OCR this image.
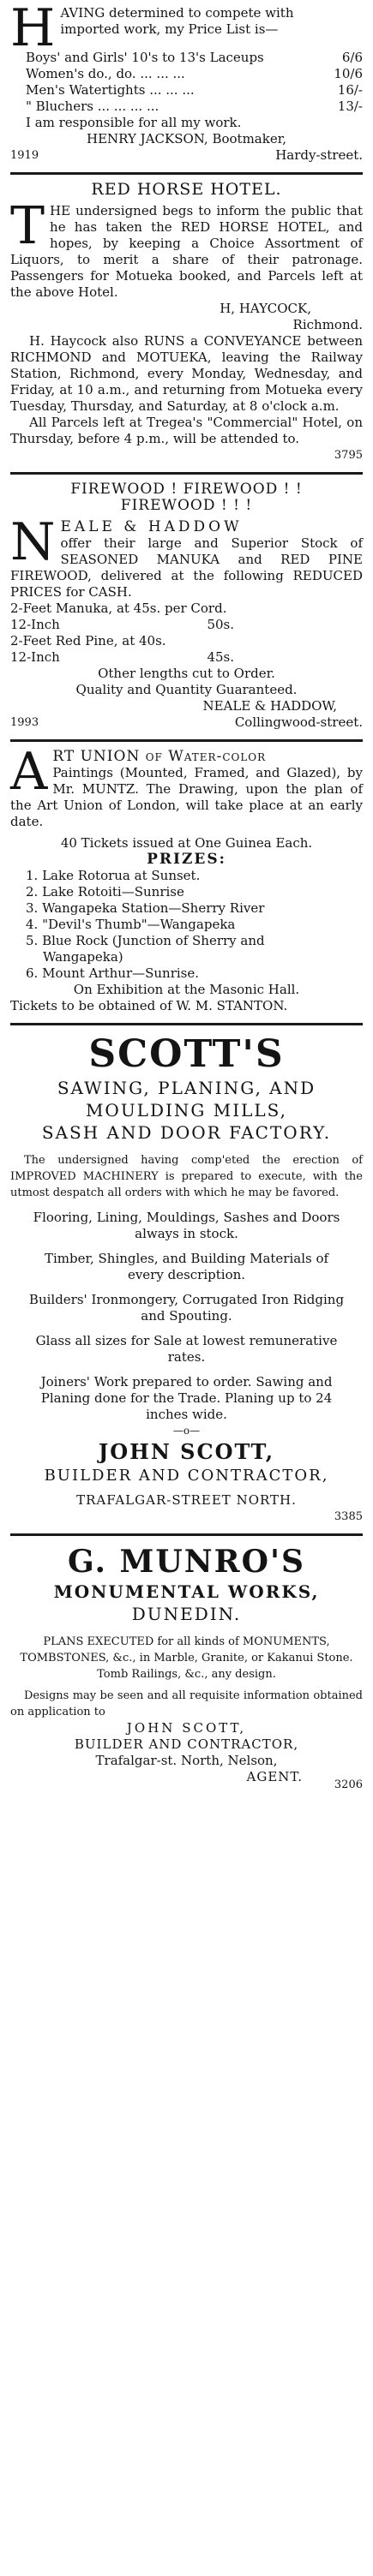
H AVING determined to compete with

imported work, my Price List is—

Boys' and Girls' 10's to 13's Laceups	6/6
Women's do., do. ... ... ...	10/6
Men's Watertights ... ... ...	16/-
" Bluchers ... ... ... ...	13/-

I am responsible for all my work.

HENRY JACKSON, Bootmaker,

1919	Hardy-street.

RED HORSE HOTEL.

T HE undersigned begs to inform the public that he has taken the RED HORSE HOTEL, and hopes, by keeping a Choice Assortment of Liquors, to merit a share of their patronage. Passengers for Motueka booked, and Parcels left at the above Hotel.

H, HAYCOCK,

Richmond.

H. Haycock also RUNS a CONVEYANCE between RICHMOND and MOTUEKA, leaving the Railway Station, Richmond, every Monday, Wednesday, and Friday, at 10 a.m., and returning from Motueka every Tuesday, Thursday, and Saturday, at 8 o'clock a.m.

All Parcels left at Tregea's "Commercial" Hotel, on Thursday, before 4 p.m., will be attended to.

3795

FIREWOOD ! FIREWOOD ! !

FIREWOOD ! ! !

N EALE & HADDOW

offer their large and Superior Stock of SEASONED MANUKA and RED PINE FIREWOOD, delivered at the following REDUCED PRICES for CASH.

2-Feet Manuka, at 45s. per Cord.
12-Inch	50s.
2-Feet Red Pine, at 40s.
12-Inch	45s.

Other lengths cut to Order.

Quality and Quantity Guaranteed.

NEALE & HADDOW,

1993	Collingwood-street.
A RT UNION of Water-color

Paintings (Mounted, Framed, and Glazed), by Mr. MUNTZ. The Drawing, upon the plan of the Art Union of London, will take place at an early date.

40 Tickets issued at One Guinea Each.

PRIZES:

1. Lake Rotorua at Sunset.

2. Lake Rotoiti—Sunrise

3. Wangapeka Station—Sherry River

4. "Devil's Thumb"—Wangapeka

5. Blue Rock (Junction of Sherry and

Wangapeka)

6. Mount Arthur—Sunrise.

On Exhibition at the Masonic Hall.

Tickets to be obtained of W. M. STANTON.

SCOTT'S

SAWING, PLANING, AND

MOULDING MILLS,

SASH AND DOOR FACTORY.

The undersigned having comp'eted the erection of IMPROVED MACHINERY is prepared to execute, with the utmost despatch all orders with which he may be favored.

Flooring, Lining, Mouldings, Sashes and Doors always in stock.

Timber, Shingles, and Building Materials of every description.

Builders' Ironmongery, Corrugated Iron Ridging and Spouting.

Glass all sizes for Sale at lowest remunerative rates.

Joiners' Work prepared to order. Sawing and Planing done for the Trade. Planing up to 24 inches wide.

—o—

JOHN SCOTT,

BUILDER AND CONTRACTOR,

TRAFALGAR-STREET NORTH.

3385

G. MUNRO'S

MONUMENTAL WORKS,

DUNEDIN.

PLANS EXECUTED for all kinds of MONUMENTS, TOMBSTONES, &c., in Marble, Granite, or Kakanui Stone. Tomb Railings, &c., any design.

Designs may be seen and all requisite information obtained on application to

JOHN SCOTT,

BUILDER AND CONTRACTOR,

Trafalgar-st. North, Nelson,

AGENT.

3206
